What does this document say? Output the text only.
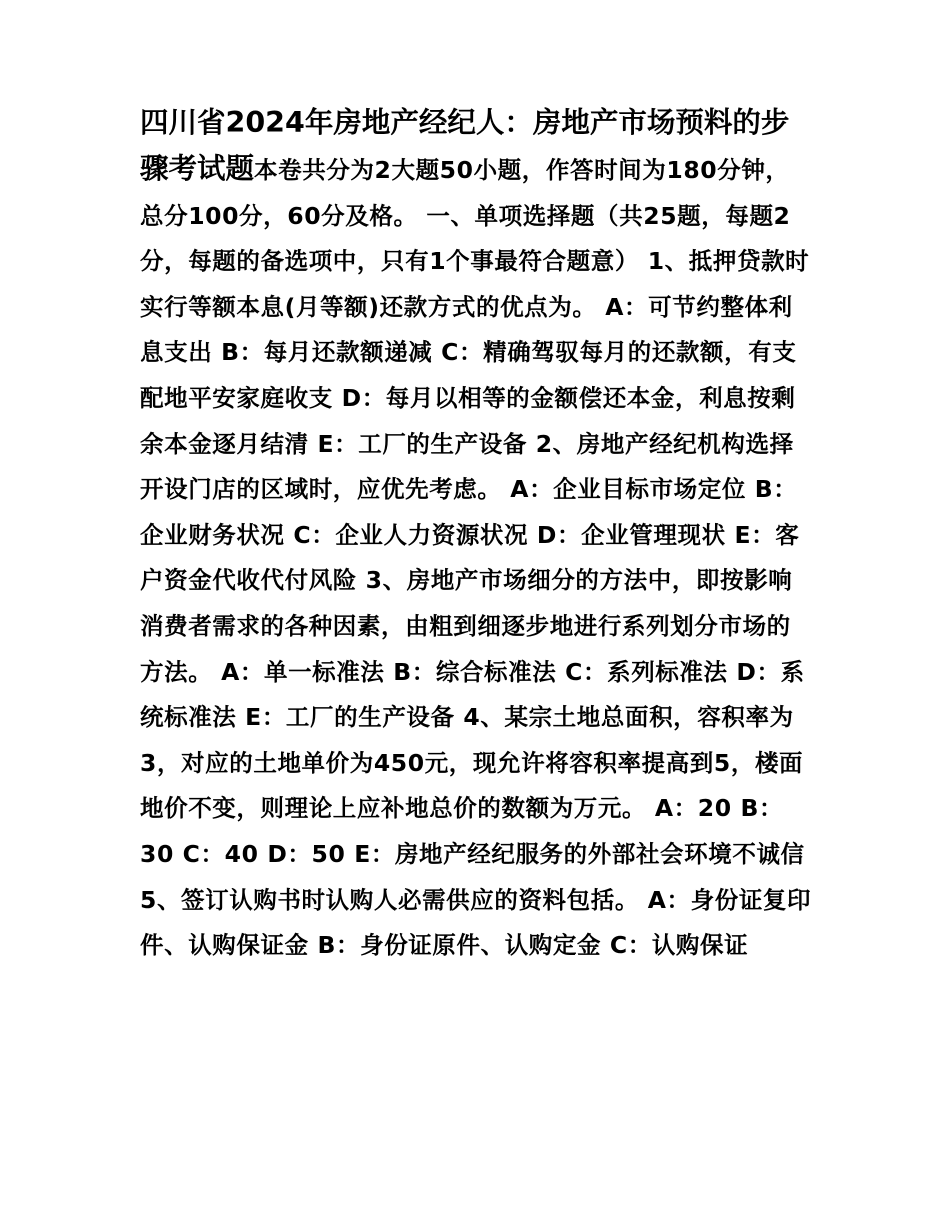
四川省2024年房地产经纪人：房地产市场预料的步骤考试题本卷共分为2大题50小题，作答时间为180分钟，总分100分，60分及格。 一、单项选择题（共25题，每题2分，每题的备选项中，只有1个事最符合题意） 1、抵押贷款时实行等额本息(月等额)还款方式的优点为。 A：可节约整体利息支出 B：每月还款额递减 C：精确驾驭每月的还款额，有支配地平安家庭收支 D：每月以相等的金额偿还本金，利息按剩余本金逐月结清 E：工厂的生产设备 2、房地产经纪机构选择开设门店的区域时，应优先考虑。 A：企业目标市场定位 B：企业财务状况 C：企业人力资源状况 D：企业管理现状 E：客户资金代收代付风险 3、房地产市场细分的方法中，即按影响消费者需求的各种因素，由粗到细逐步地进行系列划分市场的方法。 A：单一标准法 B：综合标准法 C：系列标准法 D：系统标准法 E：工厂的生产设备 4、某宗土地总面积，容积率为3，对应的土地单价为450元，现允许将容积率提高到5，楼面地价不变，则理论上应补地总价的数额为万元。 A：20 B：30 C：40 D：50 E：房地产经纪服务的外部社会环境不诚信 5、签订认购书时认购人必需供应的资料包括。 A：身份证复印件、认购保证金 B：身份证原件、认购定金 C：认购保证
